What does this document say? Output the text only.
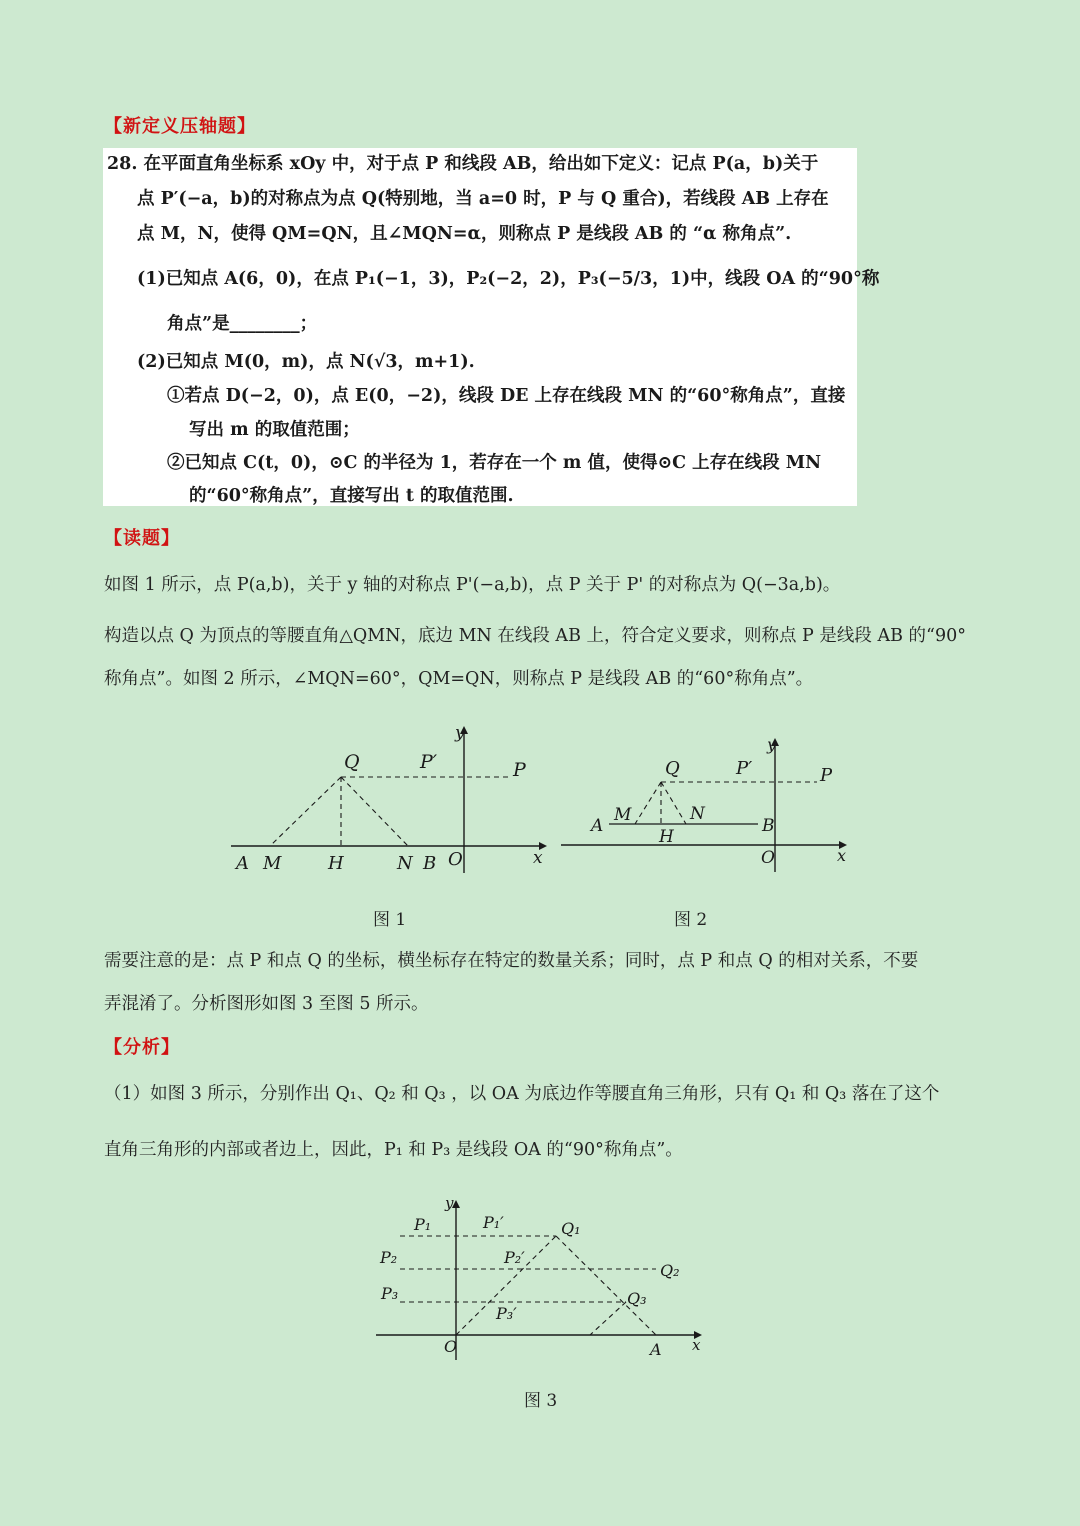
【新定义压轴题】
28. 在平面直角坐标系 xOy 中，对于点 P 和线段 AB，给出如下定义：记点 P(a，b)关于
点 P′(−a，b)的对称点为点 Q(特别地，当 a=0 时，P 与 Q 重合)，若线段 AB 上存在
点 M，N，使得 QM=QN，且∠MQN=α，则称点 P 是线段 AB 的 “α 称角点”.
(1)已知点 A(6，0)，在点 P₁(−1，3)，P₂(−2，2)，P₃(−5/3，1)中，线段 OA 的“90°称
角点”是________；
(2)已知点 M(0，m)，点 N(√3，m+1).
①若点 D(−2，0)，点 E(0，−2)，线段 DE 上存在线段 MN 的“60°称角点”，直接
写出 m 的取值范围；
②已知点 C(t，0)，⊙C 的半径为 1，若存在一个 m 值，使得⊙C 上存在线段 MN
的“60°称角点”，直接写出 t 的取值范围.
【读题】
如图 1 所示，点 P(a,b)，关于 y 轴的对称点 P'(−a,b)，点 P 关于 P' 的对称点为 Q(−3a,b)。
构造以点 Q 为顶点的等腰直角△QMN，底边 MN 在线段 AB 上，符合定义要求，则称点 P 是线段 AB 的“90°
称角点”。如图 2 所示，∠MQN=60°，QM=QN，则称点 P 是线段 AB 的“60°称角点”。
y
x
Q	P′	P
A M	H	N B O
图 1
y
x
Q	P′	P
A
M	N
H
B
O
图 2
需要注意的是：点 P 和点 Q 的坐标，横坐标存在特定的数量关系；同时，点 P 和点 Q 的相对关系，不要
弄混淆了。分析图形如图 3 至图 5 所示。
【分析】
（1）如图 3 所示，分别作出 Q₁、Q₂ 和 Q₃ ，以 OA 为底边作等腰直角三角形，只有 Q₁ 和 Q₃ 落在了这个
直角三角形的内部或者边上，因此，P₁ 和 P₃ 是线段 OA 的“90°称角点”。
y
x
O	A
P₁	P₁′	Q₁
P₂	P₂′
Q₂
P₃
P₃′
Q₃
图 3
